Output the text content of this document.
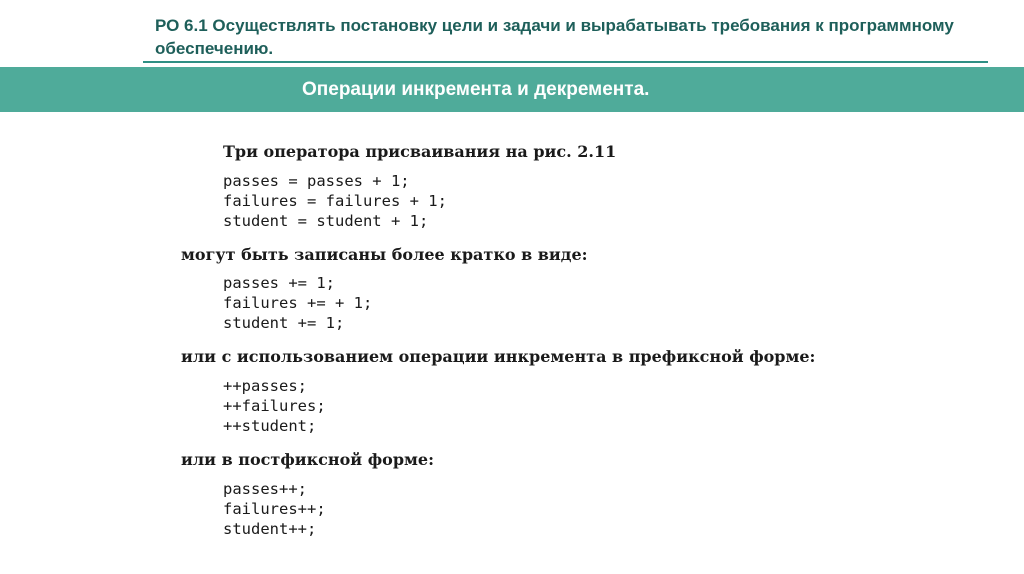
РО 6.1 Осуществлять постановку цели и задачи и вырабатывать требования к программному обеспечению.
Операции инкремента и декремента.
Три оператора присваивания на рис. 2.11
passes = passes + 1;
failures = failures + 1;
student = student + 1;
могут быть записаны более кратко в виде:
passes += 1;
failures += + 1;
student += 1;
или с использованием операции инкремента в префиксной форме:
++passes;
++failures;
++student;
или в постфиксной форме:
passes++;
failures++;
student++;
